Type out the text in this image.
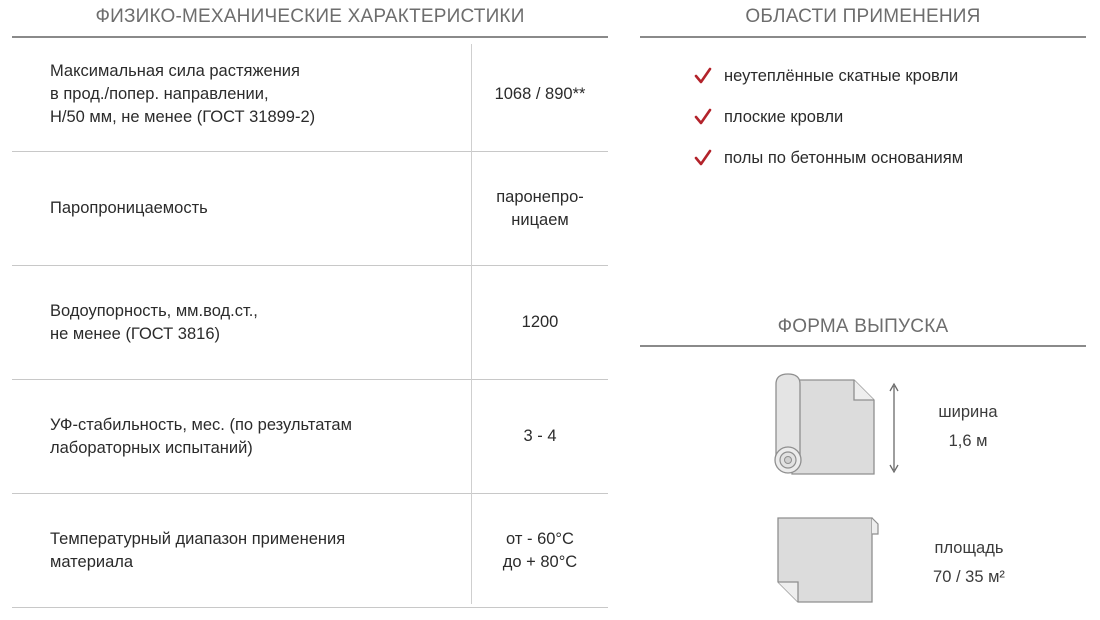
ФИЗИКО-МЕХАНИЧЕСКИЕ ХАРАКТЕРИСТИКИ
Максимальная сила растяжения
в прод./попер. направлении,
Н/50 мм, не менее (ГОСТ 31899-2)
1068 / 890**
Паропроницаемость
паронепро-
ницаем
Водоупорность, мм.вод.ст.,
не менее (ГОСТ 3816)
1200
УФ-стабильность, мес. (по результатам
лабораторных испытаний)
3 - 4
Температурный диапазон применения
материала
от - 60°С
до + 80°С
ОБЛАСТИ ПРИМЕНЕНИЯ
неутеплённые скатные кровли
плоские кровли
полы по бетонным основаниям
ФОРМА ВЫПУСКА
ширина
1,6 м
площадь
70 / 35 м²
